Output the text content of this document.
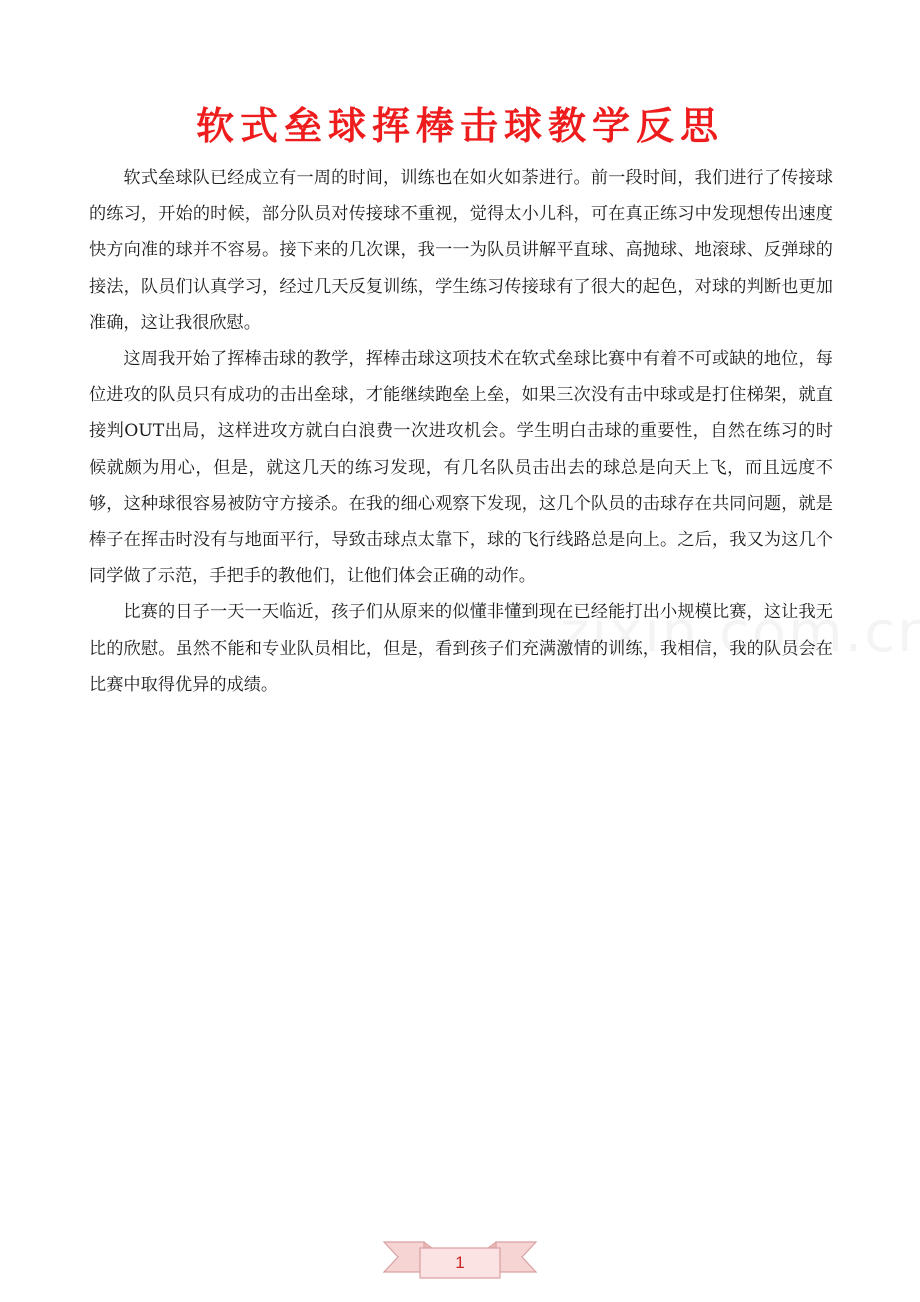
软式垒球挥棒击球教学反思

软式垒球队已经成立有一周的时间，训练也在如火如荼进行。前一段时间，我们进行了传接球的练习，开始的时候，部分队员对传接球不重视，觉得太小儿科，可在真正练习中发现想传出速度快方向准的球并不容易。接下来的几次课，我一一为队员讲解平直球、高抛球、地滚球、反弹球的接法，队员们认真学习，经过几天反复训练，学生练习传接球有了很大的起色，对球的判断也更加准确，这让我很欣慰。

这周我开始了挥棒击球的教学，挥棒击球这项技术在软式垒球比赛中有着不可或缺的地位，每位进攻的队员只有成功的击出垒球，才能继续跑垒上垒，如果三次没有击中球或是打住梯架，就直接判OUT出局，这样进攻方就白白浪费一次进攻机会。学生明白击球的重要性，自然在练习的时候就颇为用心，但是，就这几天的练习发现，有几名队员击出去的球总是向天上飞，而且远度不够，这种球很容易被防守方接杀。在我的细心观察下发现，这几个队员的击球存在共同问题，就是棒子在挥击时没有与地面平行，导致击球点太靠下，球的飞行线路总是向上。之后，我又为这几个同学做了示范，手把手的教他们，让他们体会正确的动作。

比赛的日子一天一天临近，孩子们从原来的似懂非懂到现在已经能打出小规模比赛，这让我无比的欣慰。虽然不能和专业队员相比，但是，看到孩子们充满激情的训练，我相信，我的队员会在比赛中取得优异的成绩。

1
